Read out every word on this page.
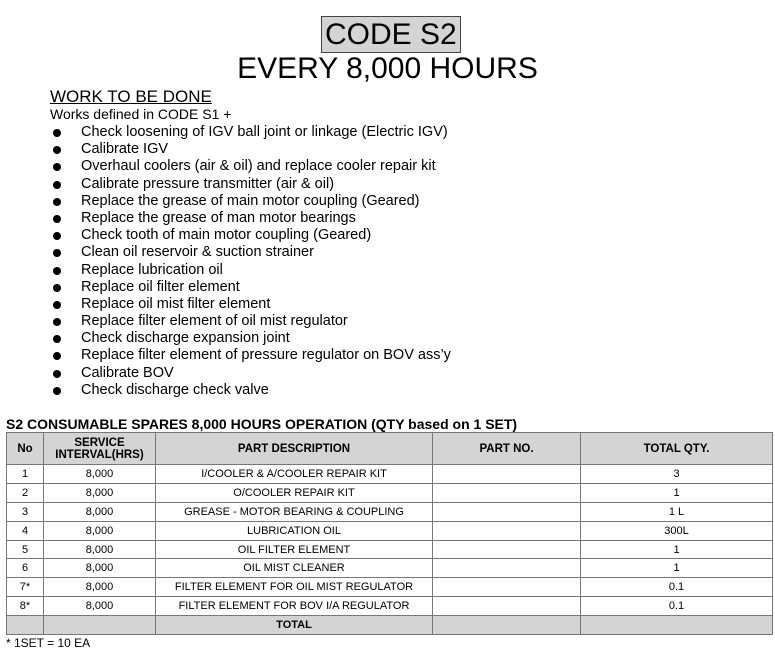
CODE S2
EVERY 8,000 HOURS
WORK TO BE DONE
Works defined in CODE S1 +
Check loosening of IGV ball joint or linkage (Electric IGV)
Calibrate IGV
Overhaul coolers (air & oil) and replace cooler repair kit
Calibrate pressure transmitter (air & oil)
Replace the grease of main motor coupling (Geared)
Replace the grease of man motor bearings
Check tooth of main motor coupling (Geared)
Clean oil reservoir & suction strainer
Replace lubrication oil
Replace oil filter element
Replace oil mist filter element
Replace filter element of oil mist regulator
Check discharge expansion joint
Replace filter element of pressure regulator on BOV ass’y
Calibrate BOV
Check discharge check valve
S2 CONSUMABLE SPARES 8,000 HOURS OPERATION (QTY based on 1 SET)
No	SERVICE INTERVAL(HRS)	PART DESCRIPTION	PART NO.	TOTAL QTY.
1	8,000	I/COOLER & A/COOLER REPAIR KIT		3
2	8,000	O/COOLER REPAIR KIT		1
3	8,000	GREASE - MOTOR BEARING & COUPLING		1 L
4	8,000	LUBRICATION OIL		300L
5	8,000	OIL FILTER ELEMENT		1
6	8,000	OIL MIST CLEANER		1
7*	8,000	FILTER ELEMENT FOR OIL MIST REGULATOR		0.1
8*	8,000	FILTER ELEMENT FOR BOV I/A REGULATOR		0.1
		TOTAL		
* 1SET = 10 EA
